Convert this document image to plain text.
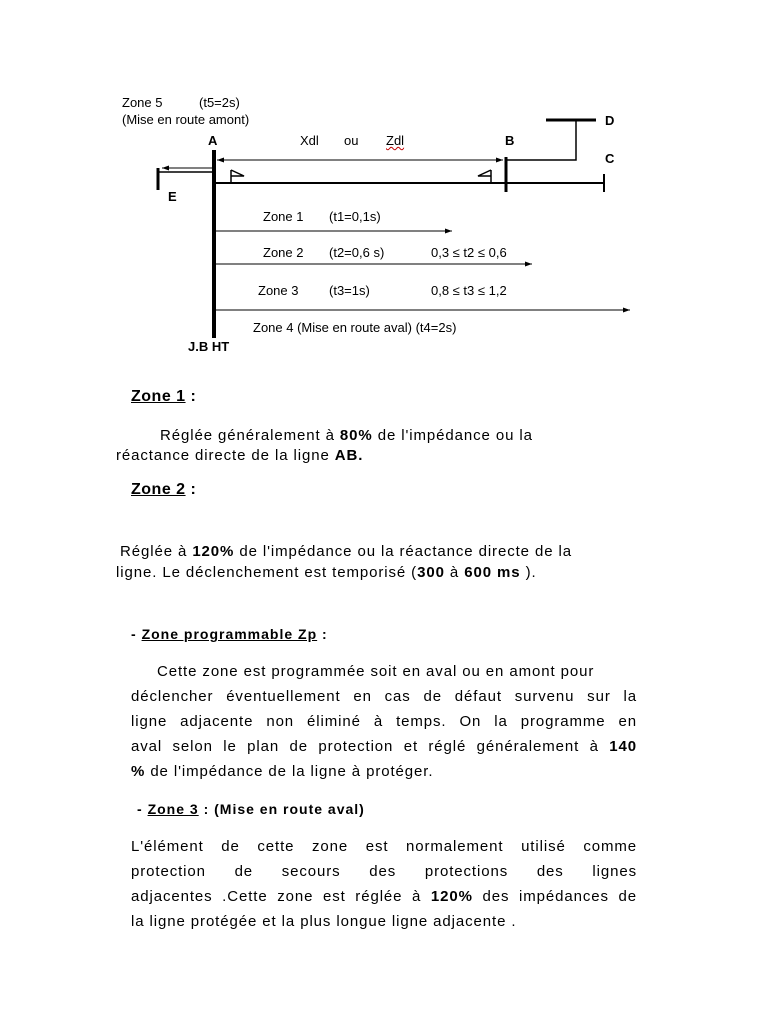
Zone 5	(t5=2s)
(Mise en route amont)
A	B
D
C
E
Xdl ou Zdl
J.B HT
Zone 1 (t1=0,1s)
Zone 2 (t2=0,6 s)	0,3 ≤ t2 ≤ 0,6
Zone 3 (t3=1s)	0,8 ≤ t3 ≤ 1,2
Zone 4 (Mise en route aval) (t4=2s)
Zone 1 :
Réglée généralement à 80% de l'impédance ou la
réactance directe de la ligne AB.
Zone 2 :
Réglée à 120% de l'impédance ou la réactance directe de la
ligne. Le déclenchement est temporisé (300 à 600 ms ).
- Zone programmable Zp :
Cette zone est programmée soit en aval ou en amont pour
déclencher éventuellement en cas de défaut survenu sur la
ligne adjacente non éliminé à temps. On la programme en
aval selon le plan de protection et réglé généralement à 140
% de l'impédance de la ligne à protéger.
- Zone 3 : (Mise en route aval)
L'élément de cette zone est normalement utilisé comme
protection de secours des protections des lignes
adjacentes .Cette zone est réglée à 120% des impédances de
la ligne protégée et la plus longue ligne adjacente .
